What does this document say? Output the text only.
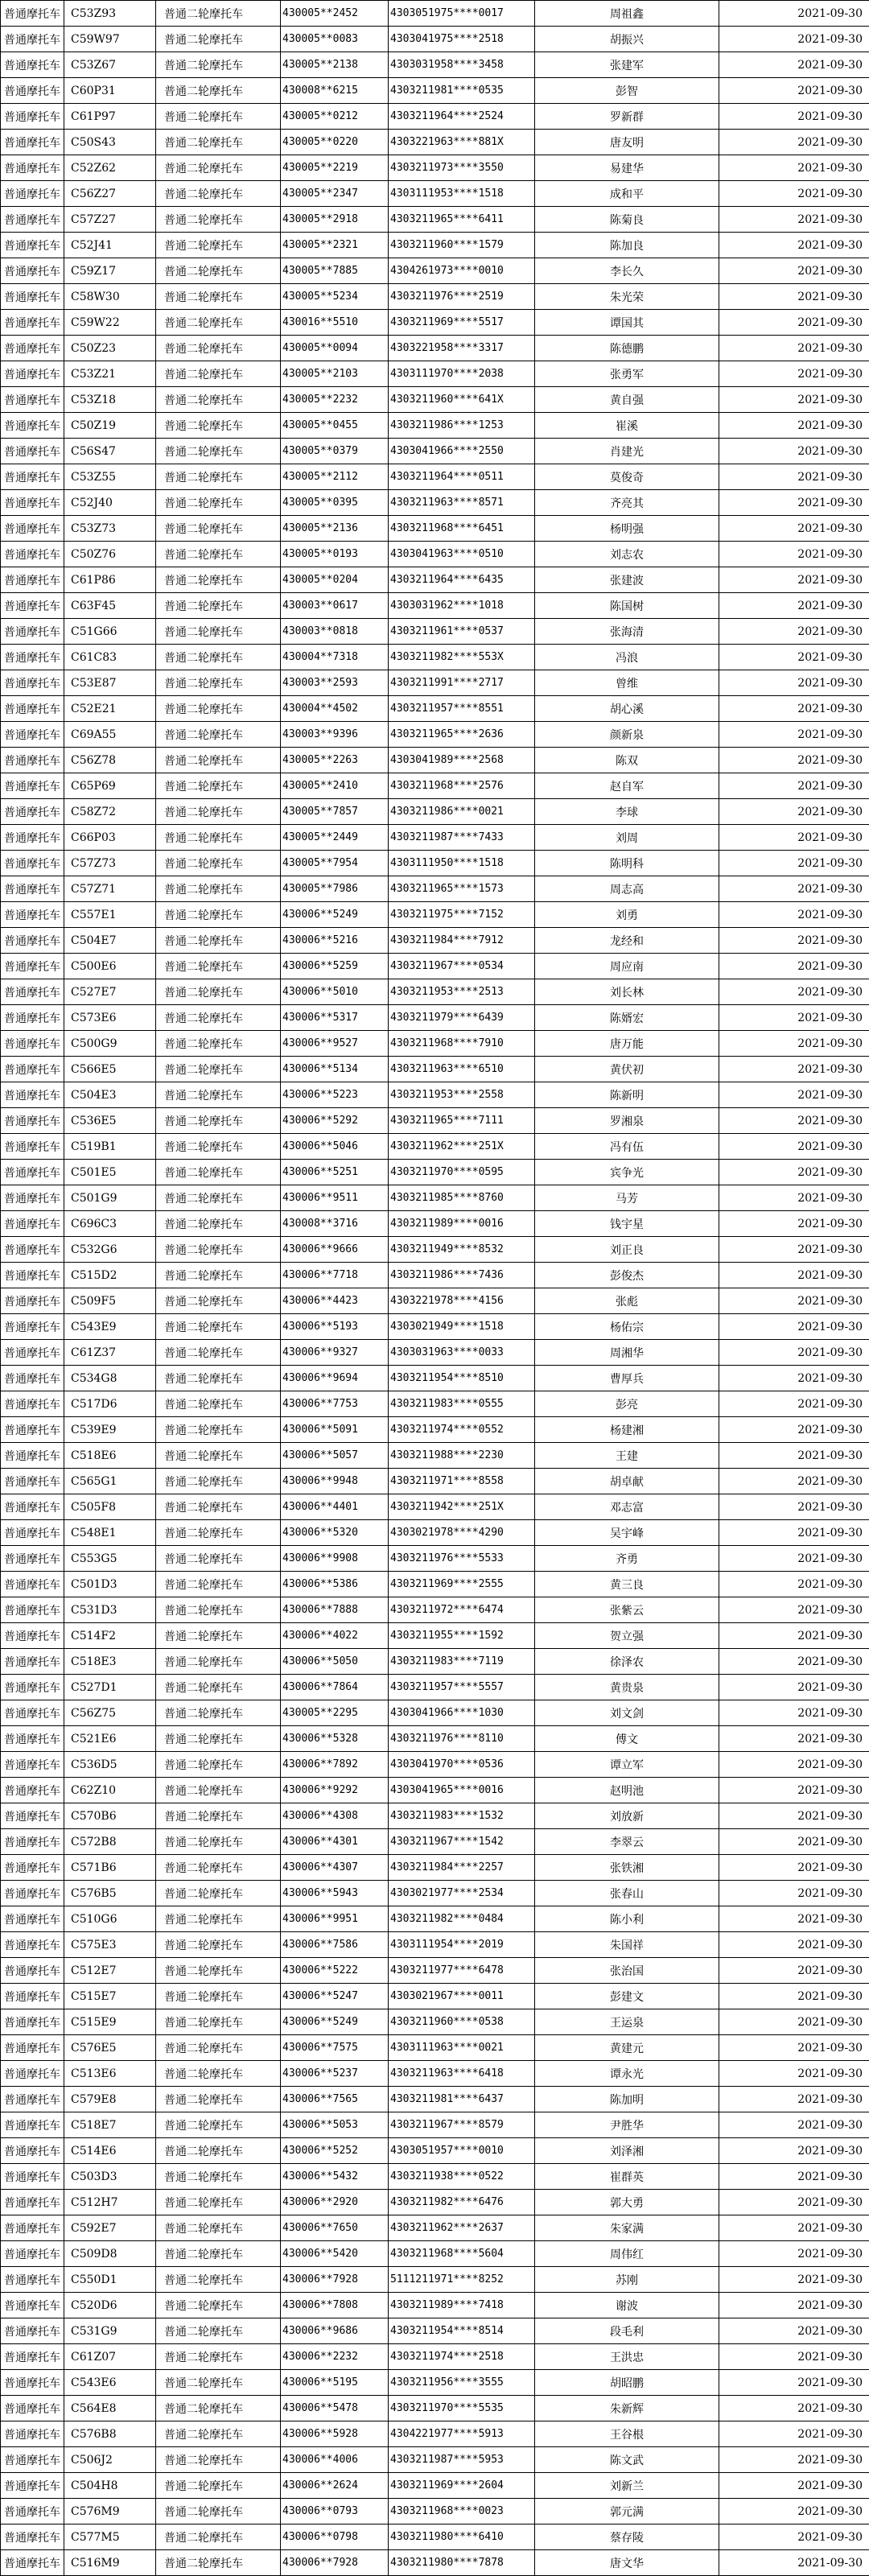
普通摩托车	C53Z93	普通二轮摩托车	430005**2452	4303051975****0017	周祖鑫	2021-09-30
普通摩托车	C59W97	普通二轮摩托车	430005**0083	4303041975****2518	胡振兴	2021-09-30
普通摩托车	C53Z67	普通二轮摩托车	430005**2138	4303031958****3458	张建军	2021-09-30
普通摩托车	C60P31	普通二轮摩托车	430008**6215	4303211981****0535	彭智	2021-09-30
普通摩托车	C61P97	普通二轮摩托车	430005**0212	4303211964****2524	罗新群	2021-09-30
普通摩托车	C50S43	普通二轮摩托车	430005**0220	4303221963****881X	唐友明	2021-09-30
普通摩托车	C52Z62	普通二轮摩托车	430005**2219	4303211973****3550	易建华	2021-09-30
普通摩托车	C56Z27	普通二轮摩托车	430005**2347	4303111953****1518	成和平	2021-09-30
普通摩托车	C57Z27	普通二轮摩托车	430005**2918	4303211965****6411	陈菊良	2021-09-30
普通摩托车	C52J41	普通二轮摩托车	430005**2321	4303211960****1579	陈加良	2021-09-30
普通摩托车	C59Z17	普通二轮摩托车	430005**7885	4304261973****0010	李长久	2021-09-30
普通摩托车	C58W30	普通二轮摩托车	430005**5234	4303211976****2519	朱光荣	2021-09-30
普通摩托车	C59W22	普通二轮摩托车	430016**5510	4303211969****5517	谭国其	2021-09-30
普通摩托车	C50Z23	普通二轮摩托车	430005**0094	4303221958****3317	陈德鹏	2021-09-30
普通摩托车	C53Z21	普通二轮摩托车	430005**2103	4303111970****2038	张勇军	2021-09-30
普通摩托车	C53Z18	普通二轮摩托车	430005**2232	4303211960****641X	黄自强	2021-09-30
普通摩托车	C50Z19	普通二轮摩托车	430005**0455	4303211986****1253	崔溪	2021-09-30
普通摩托车	C56S47	普通二轮摩托车	430005**0379	4303041966****2550	肖建光	2021-09-30
普通摩托车	C53Z55	普通二轮摩托车	430005**2112	4303211964****0511	莫俊奇	2021-09-30
普通摩托车	C52J40	普通二轮摩托车	430005**0395	4303211963****8571	齐亮其	2021-09-30
普通摩托车	C53Z73	普通二轮摩托车	430005**2136	4303211968****6451	杨明强	2021-09-30
普通摩托车	C50Z76	普通二轮摩托车	430005**0193	4303041963****0510	刘志农	2021-09-30
普通摩托车	C61P86	普通二轮摩托车	430005**0204	4303211964****6435	张建波	2021-09-30
普通摩托车	C63F45	普通二轮摩托车	430003**0617	4303031962****1018	陈国树	2021-09-30
普通摩托车	C51G66	普通二轮摩托车	430003**0818	4303211961****0537	张海清	2021-09-30
普通摩托车	C61C83	普通二轮摩托车	430004**7318	4303211982****553X	冯浪	2021-09-30
普通摩托车	C53E87	普通二轮摩托车	430003**2593	4303211991****2717	曾维	2021-09-30
普通摩托车	C52E21	普通二轮摩托车	430004**4502	4303211957****8551	胡心溪	2021-09-30
普通摩托车	C69A55	普通二轮摩托车	430003**9396	4303211965****2636	颜新泉	2021-09-30
普通摩托车	C56Z78	普通二轮摩托车	430005**2263	4303041989****2568	陈双	2021-09-30
普通摩托车	C65P69	普通二轮摩托车	430005**2410	4303211968****2576	赵自军	2021-09-30
普通摩托车	C58Z72	普通二轮摩托车	430005**7857	4303211986****0021	李球	2021-09-30
普通摩托车	C66P03	普通二轮摩托车	430005**2449	4303211987****7433	刘周	2021-09-30
普通摩托车	C57Z73	普通二轮摩托车	430005**7954	4303111950****1518	陈明科	2021-09-30
普通摩托车	C57Z71	普通二轮摩托车	430005**7986	4303211965****1573	周志高	2021-09-30
普通摩托车	C557E1	普通二轮摩托车	430006**5249	4303211975****7152	刘勇	2021-09-30
普通摩托车	C504E7	普通二轮摩托车	430006**5216	4303211984****7912	龙经和	2021-09-30
普通摩托车	C500E6	普通二轮摩托车	430006**5259	4303211967****0534	周应南	2021-09-30
普通摩托车	C527E7	普通二轮摩托车	430006**5010	4303211953****2513	刘长林	2021-09-30
普通摩托车	C573E6	普通二轮摩托车	430006**5317	4303211979****6439	陈婿宏	2021-09-30
普通摩托车	C500G9	普通二轮摩托车	430006**9527	4303211968****7910	唐万能	2021-09-30
普通摩托车	C566E5	普通二轮摩托车	430006**5134	4303211963****6510	黄伏初	2021-09-30
普通摩托车	C504E3	普通二轮摩托车	430006**5223	4303211953****2558	陈新明	2021-09-30
普通摩托车	C536E5	普通二轮摩托车	430006**5292	4303211965****7111	罗湘泉	2021-09-30
普通摩托车	C519B1	普通二轮摩托车	430006**5046	4303211962****251X	冯有伍	2021-09-30
普通摩托车	C501E5	普通二轮摩托车	430006**5251	4303211970****0595	宾争光	2021-09-30
普通摩托车	C501G9	普通二轮摩托车	430006**9511	4303211985****8760	马芳	2021-09-30
普通摩托车	C696C3	普通二轮摩托车	430008**3716	4303211989****0016	钱宇星	2021-09-30
普通摩托车	C532G6	普通二轮摩托车	430006**9666	4303211949****8532	刘正良	2021-09-30
普通摩托车	C515D2	普通二轮摩托车	430006**7718	4303211986****7436	彭俊杰	2021-09-30
普通摩托车	C509F5	普通二轮摩托车	430006**4423	4303221978****4156	张彪	2021-09-30
普通摩托车	C543E9	普通二轮摩托车	430006**5193	4303021949****1518	杨佑宗	2021-09-30
普通摩托车	C61Z37	普通二轮摩托车	430006**9327	4303031963****0033	周湘华	2021-09-30
普通摩托车	C534G8	普通二轮摩托车	430006**9694	4303211954****8510	曹厚兵	2021-09-30
普通摩托车	C517D6	普通二轮摩托车	430006**7753	4303211983****0555	彭亮	2021-09-30
普通摩托车	C539E9	普通二轮摩托车	430006**5091	4303211974****0552	杨建湘	2021-09-30
普通摩托车	C518E6	普通二轮摩托车	430006**5057	4303211988****2230	王建	2021-09-30
普通摩托车	C565G1	普通二轮摩托车	430006**9948	4303211971****8558	胡卓献	2021-09-30
普通摩托车	C505F8	普通二轮摩托车	430006**4401	4303211942****251X	邓志富	2021-09-30
普通摩托车	C548E1	普通二轮摩托车	430006**5320	4303021978****4290	吴宇峰	2021-09-30
普通摩托车	C553G5	普通二轮摩托车	430006**9908	4303211976****5533	齐勇	2021-09-30
普通摩托车	C501D3	普通二轮摩托车	430006**5386	4303211969****2555	黄三良	2021-09-30
普通摩托车	C531D3	普通二轮摩托车	430006**7888	4303211972****6474	张紫云	2021-09-30
普通摩托车	C514F2	普通二轮摩托车	430006**4022	4303211955****1592	贺立强	2021-09-30
普通摩托车	C518E3	普通二轮摩托车	430006**5050	4303211983****7119	徐泽农	2021-09-30
普通摩托车	C527D1	普通二轮摩托车	430006**7864	4303211957****5557	黄贵泉	2021-09-30
普通摩托车	C56Z75	普通二轮摩托车	430005**2295	4303041966****1030	刘文剑	2021-09-30
普通摩托车	C521E6	普通二轮摩托车	430006**5328	4303211976****8110	傅文	2021-09-30
普通摩托车	C536D5	普通二轮摩托车	430006**7892	4303041970****0536	谭立军	2021-09-30
普通摩托车	C62Z10	普通二轮摩托车	430006**9292	4303041965****0016	赵明池	2021-09-30
普通摩托车	C570B6	普通二轮摩托车	430006**4308	4303211983****1532	刘放新	2021-09-30
普通摩托车	C572B8	普通二轮摩托车	430006**4301	4303211967****1542	李翠云	2021-09-30
普通摩托车	C571B6	普通二轮摩托车	430006**4307	4303211984****2257	张铁湘	2021-09-30
普通摩托车	C576B5	普通二轮摩托车	430006**5943	4303021977****2534	张春山	2021-09-30
普通摩托车	C510G6	普通二轮摩托车	430006**9951	4303211982****0484	陈小利	2021-09-30
普通摩托车	C575E3	普通二轮摩托车	430006**7586	4303111954****2019	朱国祥	2021-09-30
普通摩托车	C512E7	普通二轮摩托车	430006**5222	4303211977****6478	张治国	2021-09-30
普通摩托车	C515E7	普通二轮摩托车	430006**5247	4303021967****0011	彭建文	2021-09-30
普通摩托车	C515E9	普通二轮摩托车	430006**5249	4303211960****0538	王运泉	2021-09-30
普通摩托车	C576E5	普通二轮摩托车	430006**7575	4303111963****0021	黄建元	2021-09-30
普通摩托车	C513E6	普通二轮摩托车	430006**5237	4303211963****6418	谭永光	2021-09-30
普通摩托车	C579E8	普通二轮摩托车	430006**7565	4303211981****6437	陈加明	2021-09-30
普通摩托车	C518E7	普通二轮摩托车	430006**5053	4303211967****8579	尹胜华	2021-09-30
普通摩托车	C514E6	普通二轮摩托车	430006**5252	4303051957****0010	刘泽湘	2021-09-30
普通摩托车	C503D3	普通二轮摩托车	430006**5432	4303211938****0522	崔群英	2021-09-30
普通摩托车	C512H7	普通二轮摩托车	430006**2920	4303211982****6476	郭大勇	2021-09-30
普通摩托车	C592E7	普通二轮摩托车	430006**7650	4303211962****2637	朱家满	2021-09-30
普通摩托车	C509D8	普通二轮摩托车	430006**5420	4303211968****5604	周伟红	2021-09-30
普通摩托车	C550D1	普通二轮摩托车	430006**7928	5111211971****8252	苏刚	2021-09-30
普通摩托车	C520D6	普通二轮摩托车	430006**7808	4303211989****7418	谢波	2021-09-30
普通摩托车	C531G9	普通二轮摩托车	430006**9686	4303211954****8514	段毛利	2021-09-30
普通摩托车	C61Z07	普通二轮摩托车	430006**2232	4303211974****2518	王洪忠	2021-09-30
普通摩托车	C543E6	普通二轮摩托车	430006**5195	4303211956****3555	胡昭鹏	2021-09-30
普通摩托车	C564E8	普通二轮摩托车	430006**5478	4303211970****5535	朱新辉	2021-09-30
普通摩托车	C576B8	普通二轮摩托车	430006**5928	4304221977****5913	王谷根	2021-09-30
普通摩托车	C506J2	普通二轮摩托车	430006**4006	4303211987****5953	陈文武	2021-09-30
普通摩托车	C504H8	普通二轮摩托车	430006**2624	4303211969****2604	刘新兰	2021-09-30
普通摩托车	C576M9	普通二轮摩托车	430006**0793	4303211968****0023	郭元满	2021-09-30
普通摩托车	C577M5	普通二轮摩托车	430006**0798	4303211980****6410	蔡存陵	2021-09-30
普通摩托车	C516M9	普通二轮摩托车	430006**7928	4303211980****7878	唐文华	2021-09-30
